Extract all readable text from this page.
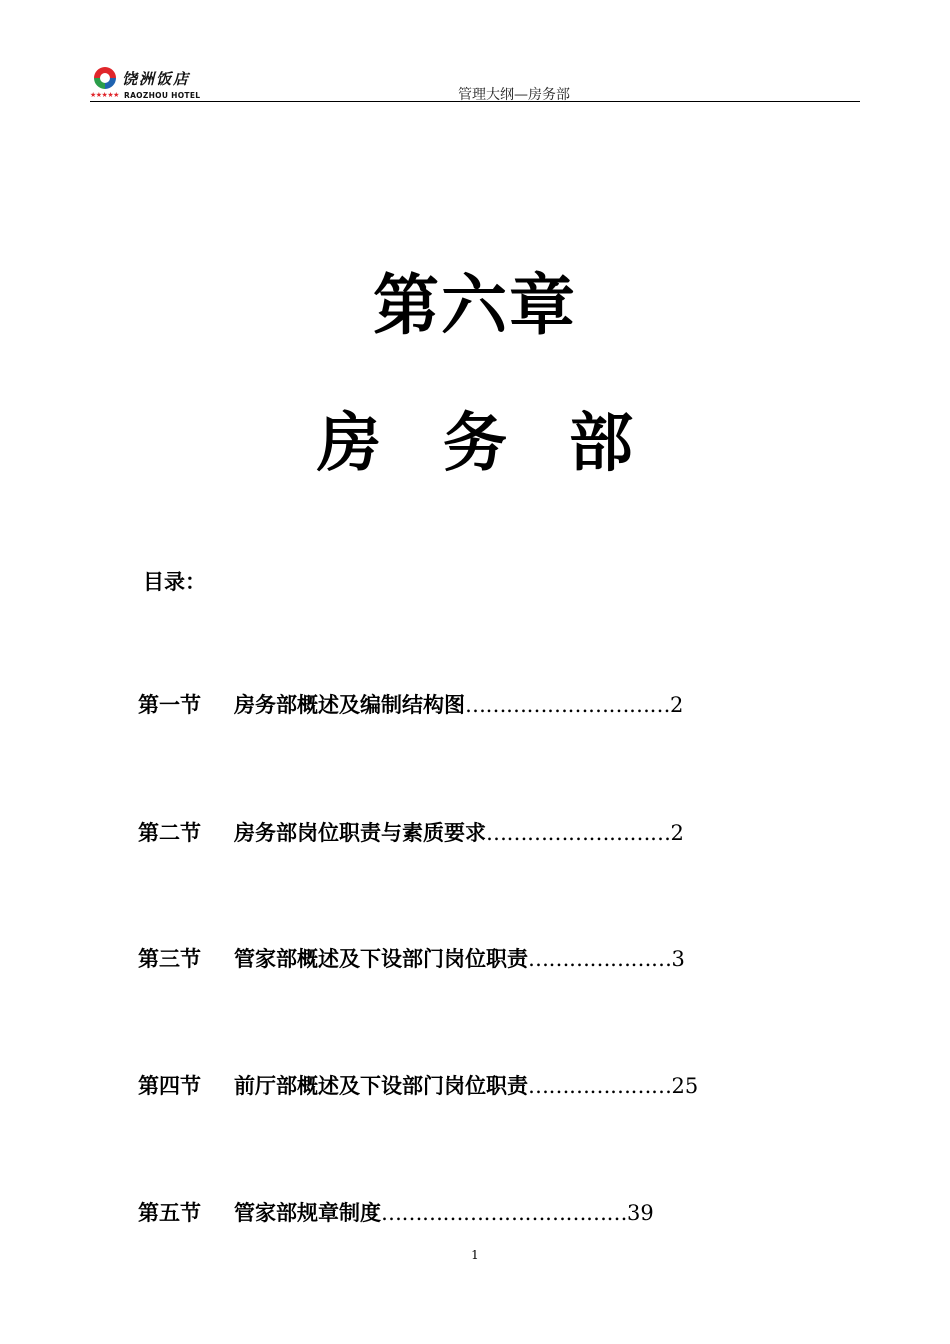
饶洲饭店
★★★★★ RAOZHOU HOTEL	管理大纲—房务部
第六章
房 务 部
目录：
第一节 房务部概述及编制结构图…………………………2
第二节 房务部岗位职责与素质要求………………………2
第三节 管家部概述及下设部门岗位职责…………………3
第四节 前厅部概述及下设部门岗位职责…………………25
第五节 管家部规章制度………………………………39
1
